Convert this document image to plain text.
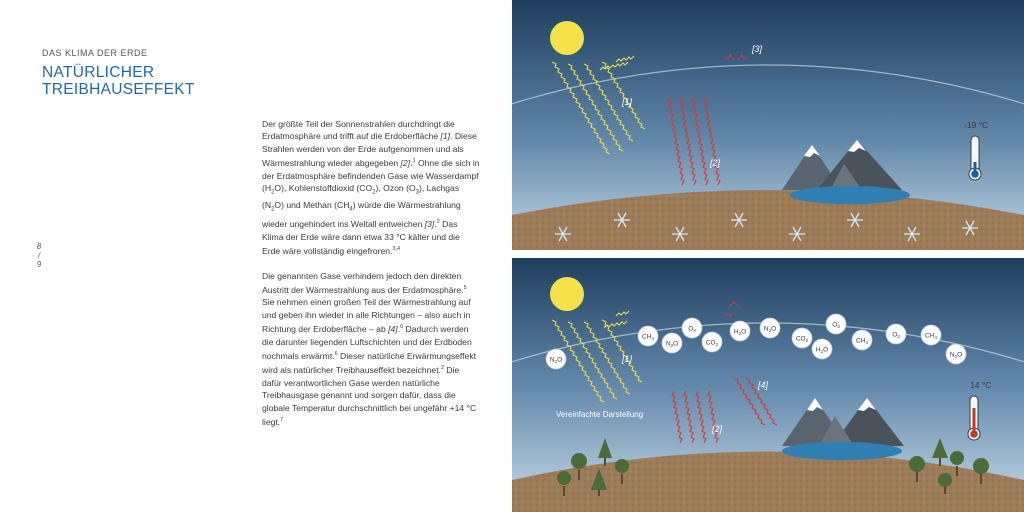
DAS KLIMA DER ERDE
NATÜRLICHER
TREIBHAUSEFFEKT
8
/
9

Der größte Teil der Sonnenstrahlen durchdringt die Erdatmosphäre und trifft auf die Erdoberfläche [1]. Diese Strahlen werden von der Erde aufgenommen und als Wärmestrahlung wieder abgegeben [2].$^1$ Ohne die sich in der Erdatmosphäre befindenden Gase wie Wasserdampf $(H_2O)$, Kohlenstoffdioxid $(CO_2)$, Ozon $(O_3)$, Lachgas $(N_2O)$ und Methan $(CH_4)$ würde die Wärmestrahlung wieder ungehindert ins Weltall entweichen [3].$^2$ Das Klima der Erde wäre dann etwa 33 °C kälter und die Erde wäre vollständig eingefroren.$^{3,4}$

Die genannten Gase verhindern jedoch den direkten Austritt der Wärmestrahlung aus der Erdatmosphäre.$^5$ Sie nehmen einen großen Teil der Wärmestrahlung auf und geben ihn wieder in alle Richtungen – also auch in Richtung der Erdoberfläche – ab [4].$^6$ Dadurch werden die darunter liegenden Luftschichten und der Erdboden nochmals erwärmt.$^6$ Dieser natürliche Erwärmungseffekt wird als natürlicher Treibhauseffekt bezeichnet.$^2$ Die dafür verantwortlichen Gase werden natürliche Treibhausgase genannt und sorgen dafür, dass die globale Temperatur durchschnittlich bei ungefähr +14 °C liegt.$^7$

[1]
[2]
[3]
-19 °C
[1]
[2]
[4]
$N_2O$
$CH_4$
$N_2O$
$O_3$
$CO_2$
$H_2O$	$N_2O$
$CO_2$
$H_2O$
$O_3$
$CH_4$
$O_3$	$CH_4$
$N_2O$
Vereinfachte Darstellung
14 °C
